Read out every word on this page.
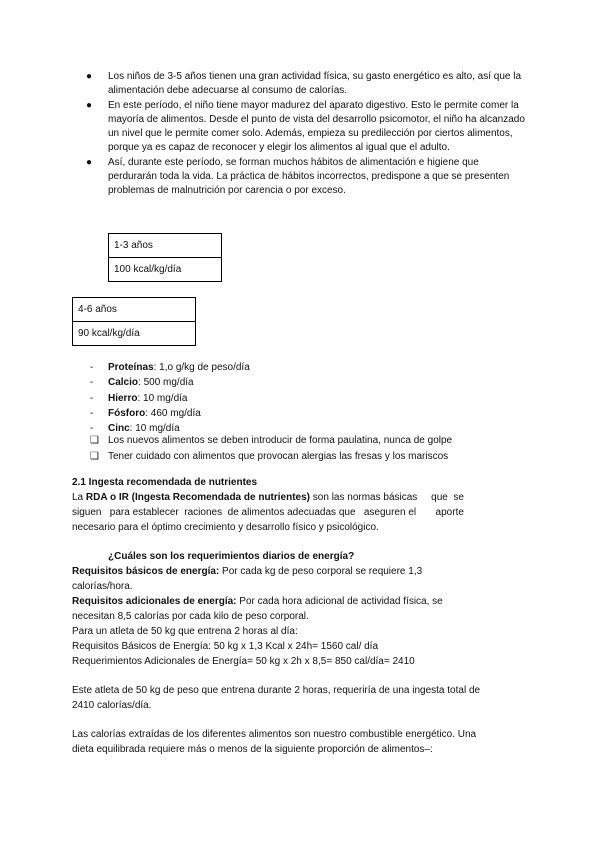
● Los niños de 3-5 años tienen una gran actividad física, su gasto energético es alto, así que la alimentación debe adecuarse al consumo de calorías.
● En este período, el niño tiene mayor madurez del aparato digestivo. Esto le permite comer la mayoría de alimentos. Desde el punto de vista del desarrollo psicomotor, el niño ha alcanzado un nivel que le permite comer solo. Además, empieza su predilección por ciertos alimentos, porque ya es capaz de reconocer y elegir los alimentos al igual que el adulto.
● Así, durante este período, se forman muchos hábitos de alimentación e higiene que perdurarán toda la vida. La práctica de hábitos incorrectos, predispone a que se presenten problemas de malnutrición por carencia o por exceso.
1-3 años
100 kcal/kg/día
4-6 años
90 kcal/kg/día
- Proteínas: 1,o g/kg de peso/día
- Calcio: 500 mg/día
- Hierro: 10 mg/día
- Fósforo: 460 mg/día
- Cinc: 10 mg/día
❑ Los nuevos alimentos se deben introducir de forma paulatina, nunca de golpe
❑ Tener cuidado con alimentos que provocan alergias las fresas y los mariscos
2.1 Ingesta recomendada de nutrientes
La RDA o IR (Ingesta Recomendada de nutrientes) son las normas básicas     que  se
siguen   para establecer  raciones  de alimentos adecuadas que   aseguren el       aporte
necesario para el óptimo crecimiento y desarrollo físico y psicológico.
¿Cuáles son los requerimientos diarios de energía?
Requisitos básicos de energía: Por cada kg de peso corporal se requiere 1,3
calorías/hora.
Requisitos adicionales de energía: Por cada hora adicional de actividad física, se
necesitan 8,5 calorías por cada kilo de peso corporal.
Para un atleta de 50 kg que entrena 2 horas al día:
Requisitos Básicos de Energía: 50 kg x 1,3 Kcal x 24h= 1560 cal/ día
Requerimientos Adicionales de Energía= 50 kg x 2h x 8,5= 850 cal/día= 2410
Este atleta de 50 kg de peso que entrena durante 2 horas, requeriría de una ingesta total de
2410 calorías/día.
Las calorías extraídas de los diferentes alimentos son nuestro combustible energético. Una
dieta equilibrada requiere más o menos de la siguiente proporción de alimentos–:
